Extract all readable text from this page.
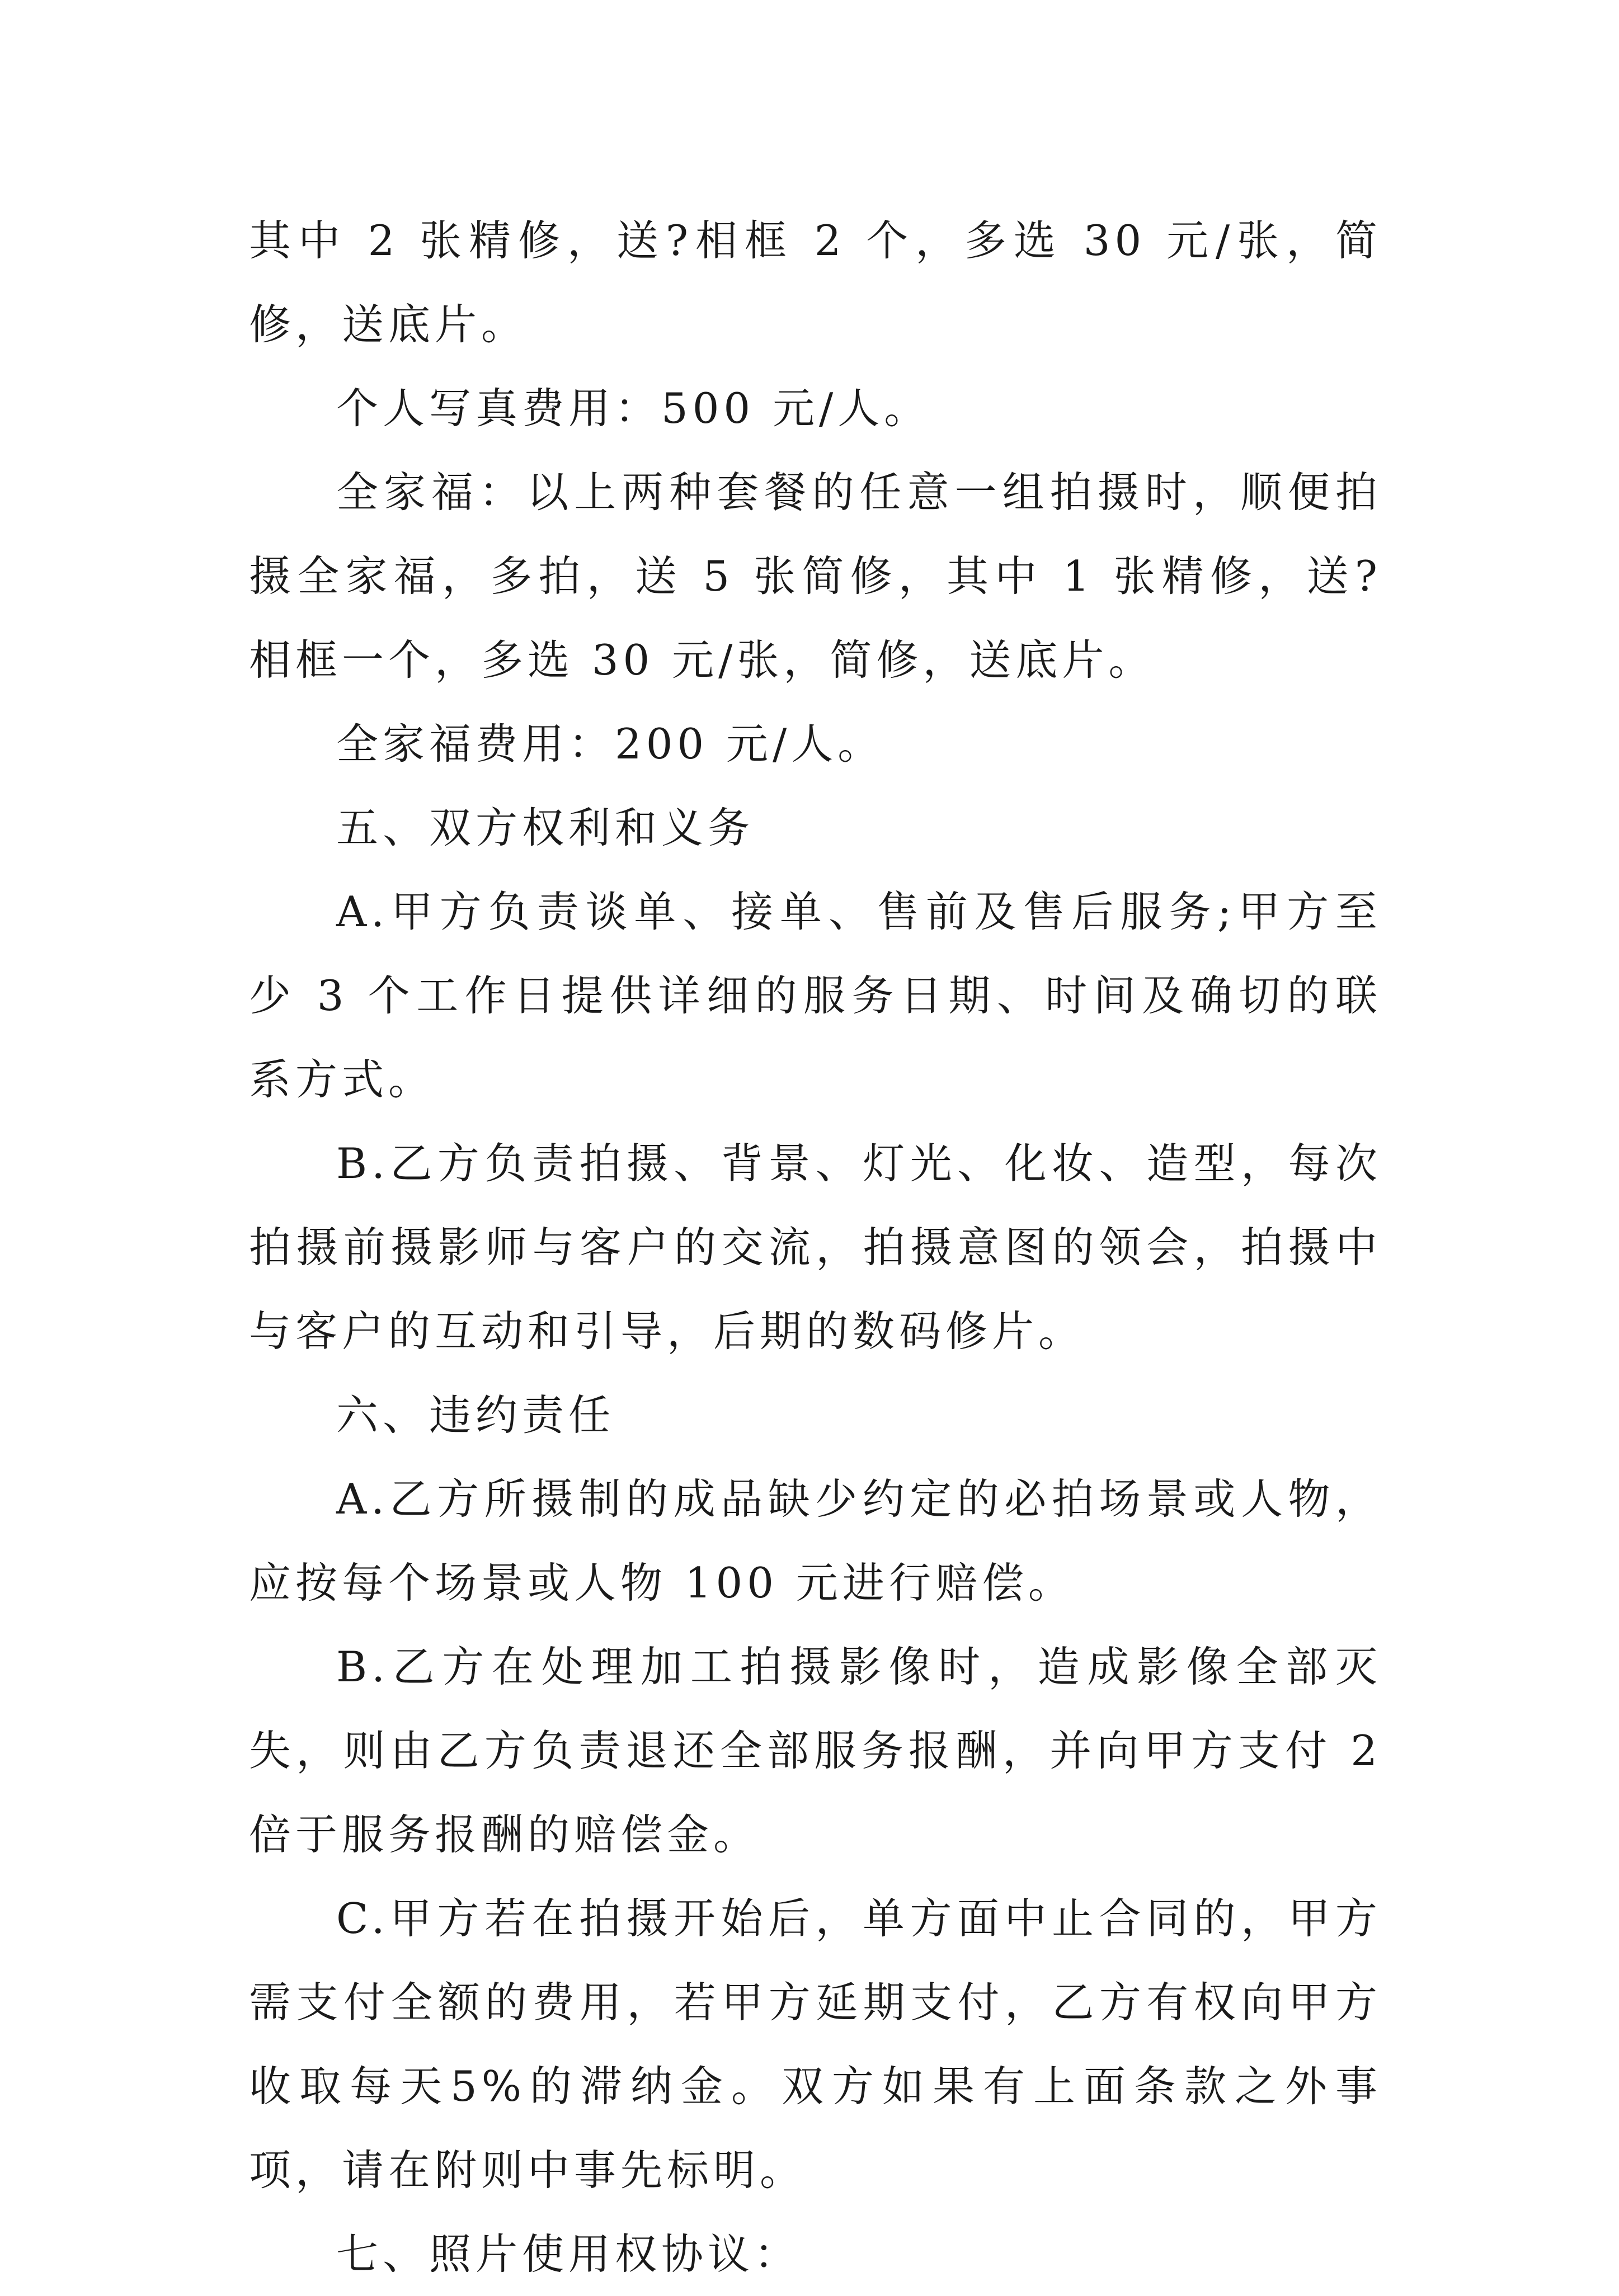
其中 2 张精修，送?相框 2 个，多选 30 元/张，简修，送底片。

个人写真费用：500 元/人。

全家福：以上两种套餐的任意一组拍摄时，顺便拍摄全家福，多拍，送 5 张简修，其中 1 张精修，送?相框一个，多选 30 元/张，简修，送底片。

全家福费用：200 元/人。

五、双方权利和义务

A.甲方负责谈单、接单、售前及售后服务;甲方至少 3 个工作日提供详细的服务日期、时间及确切的联系方式。

B.乙方负责拍摄、背景、灯光、化妆、造型，每次拍摄前摄影师与客户的交流，拍摄意图的领会，拍摄中与客户的互动和引导，后期的数码修片。

六、违约责任

A.乙方所摄制的成品缺少约定的必拍场景或人物，应按每个场景或人物 100 元进行赔偿。

B.乙方在处理加工拍摄影像时，造成影像全部灭失，则由乙方负责退还全部服务报酬，并向甲方支付 2 倍于服务报酬的赔偿金。

C.甲方若在拍摄开始后，单方面中止合同的，甲方需支付全额的费用，若甲方延期支付，乙方有权向甲方收取每天5%的滞纳金。双方如果有上面条款之外事项，请在附则中事先标明。

七、照片使用权协议：
